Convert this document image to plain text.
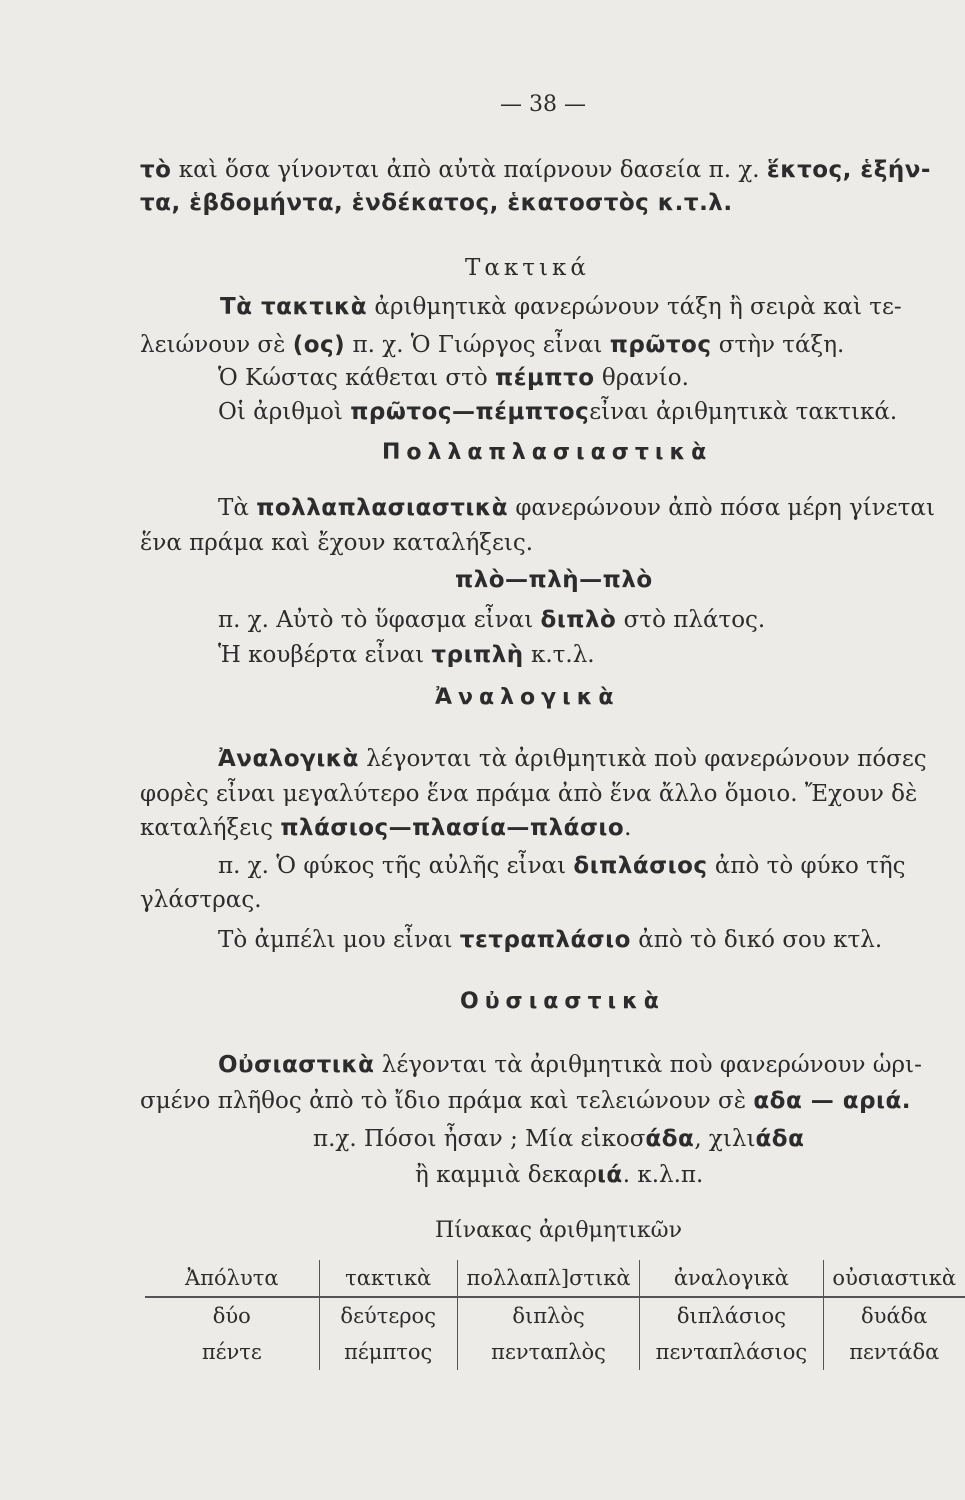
— 38 —
τὸ καὶ ὅσα γίνονται ἀπὸ αὐτὰ παίρνουν δασεία π. χ. ἕκτος, ἑξήν-
τα, ἑβδομήντα, ἑνδέκατος, ἑκατοστὸς κ.τ.λ.
Τακτικά
Τὰ τακτικὰ ἀριθμητικὰ φανερώνουν τάξη ἢ σειρὰ καὶ τε-
λειώνουν σὲ (ος) π. χ. Ὁ Γιώργος εἶναι πρῶτος στὴν τάξη.
Ὁ Κώστας κάθεται στὸ πέμπτο θρανίο.
Οἱ ἀριθμοὶ πρῶτος—πέμπτοςεἶναι ἀριθμητικὰ τακτικά.
Πολλαπλασιαστικὰ
Τὰ πολλαπλασιαστικὰ φανερώνουν ἀπὸ πόσα μέρη γίνεται
ἕνα πράμα καὶ ἔχουν καταλήξεις.
πλὸ—πλὴ—πλὸ
π. χ. Αὐτὸ τὸ ὕφασμα εἶναι διπλὸ στὸ πλάτος.
Ἡ κουβέρτα εἶναι τριπλὴ κ.τ.λ.
Ἀναλογικὰ
Ἀναλογικὰ λέγονται τὰ ἀριθμητικὰ ποὺ φανερώνουν πόσες
φορὲς εἶναι μεγαλύτερο ἕνα πράμα ἀπὸ ἕνα ἄλλο ὅμοιο. Ἔχουν δὲ
καταλήξεις πλάσιος—πλασία—πλάσιο.
π. χ. Ὁ φύκος τῆς αὐλῆς εἶναι διπλάσιος ἀπὸ τὸ φύκο τῆς
γλάστρας.
Τὸ ἀμπέλι μου εἶναι τετραπλάσιο ἀπὸ τὸ δικό σου κτλ.
Οὐσιαστικὰ
Οὐσιαστικὰ λέγονται τὰ ἀριθμητικὰ ποὺ φανερώνουν ὡρι-
σμένο πλῆθος ἀπὸ τὸ ἴδιο πράμα καὶ τελειώνουν σὲ αδα — αριά.
π.χ. Πόσοι ἦσαν ; Μία εἰκοσάδα, χιλιάδα
ἢ καμμιὰ δεκαριά. κ.λ.π.
Πίνακας ἀριθμητικῶν
Ἀπόλυτα	τακτικὰ	πολλαπλ]στικὰ	ἀναλογικὰ	οὐσιαστικὰ
δύο	δεύτερος	διπλὸς	διπλάσιος	δυάδα
πέντε	πέμπτος	πενταπλὸς	πενταπλάσιος	πεντάδα
